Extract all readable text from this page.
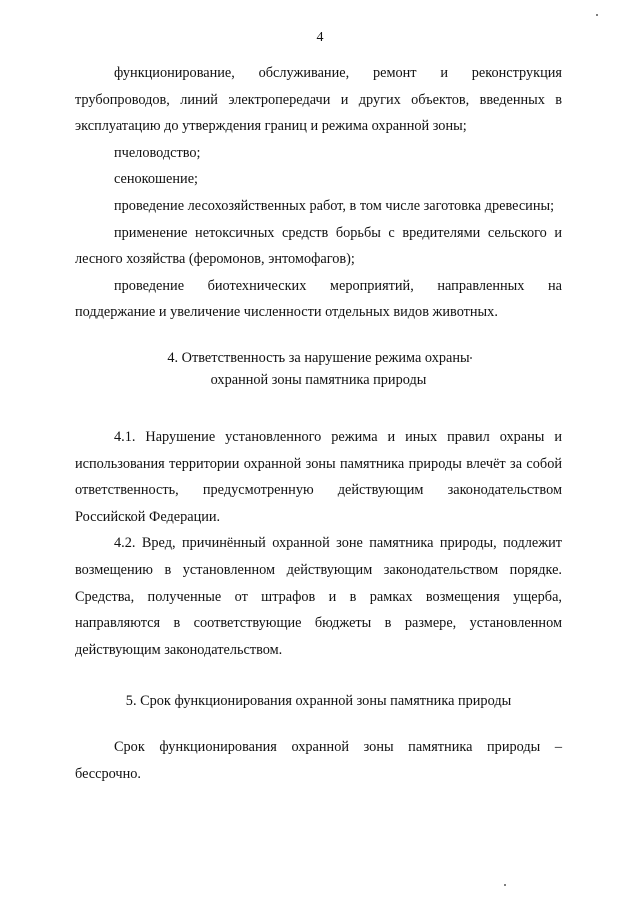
4

функционирование, обслуживание, ремонт и реконструкция трубопроводов, линий электропередачи и других объектов, введенных в эксплуатацию до утверждения границ и режима охранной зоны;

пчеловодство;

сенокошение;

проведение лесохозяйственных работ, в том числе заготовка древесины;

применение нетоксичных средств борьбы с вредителями сельского и лесного хозяйства (феромонов, энтомофагов);

проведение биотехнических мероприятий, направленных на поддержание и увеличение численности отдельных видов животных.

4. Ответственность за нарушение режима охраны

охранной зоны памятника природы

4.1. Нарушение установленного режима и иных правил охраны и использования территории охранной зоны памятника природы влечёт за собой ответственность, предусмотренную действующим законодательством Российской Федерации.

4.2. Вред, причинённый охранной зоне памятника природы, подлежит возмещению в установленном действующим законодательством порядке. Средства, полученные от штрафов и в рамках возмещения ущерба, направляются в соответствующие бюджеты в размере, установленном действующим законодательством.

5. Срок функционирования охранной зоны памятника природы

Срок функционирования охранной зоны памятника природы – бессрочно.
